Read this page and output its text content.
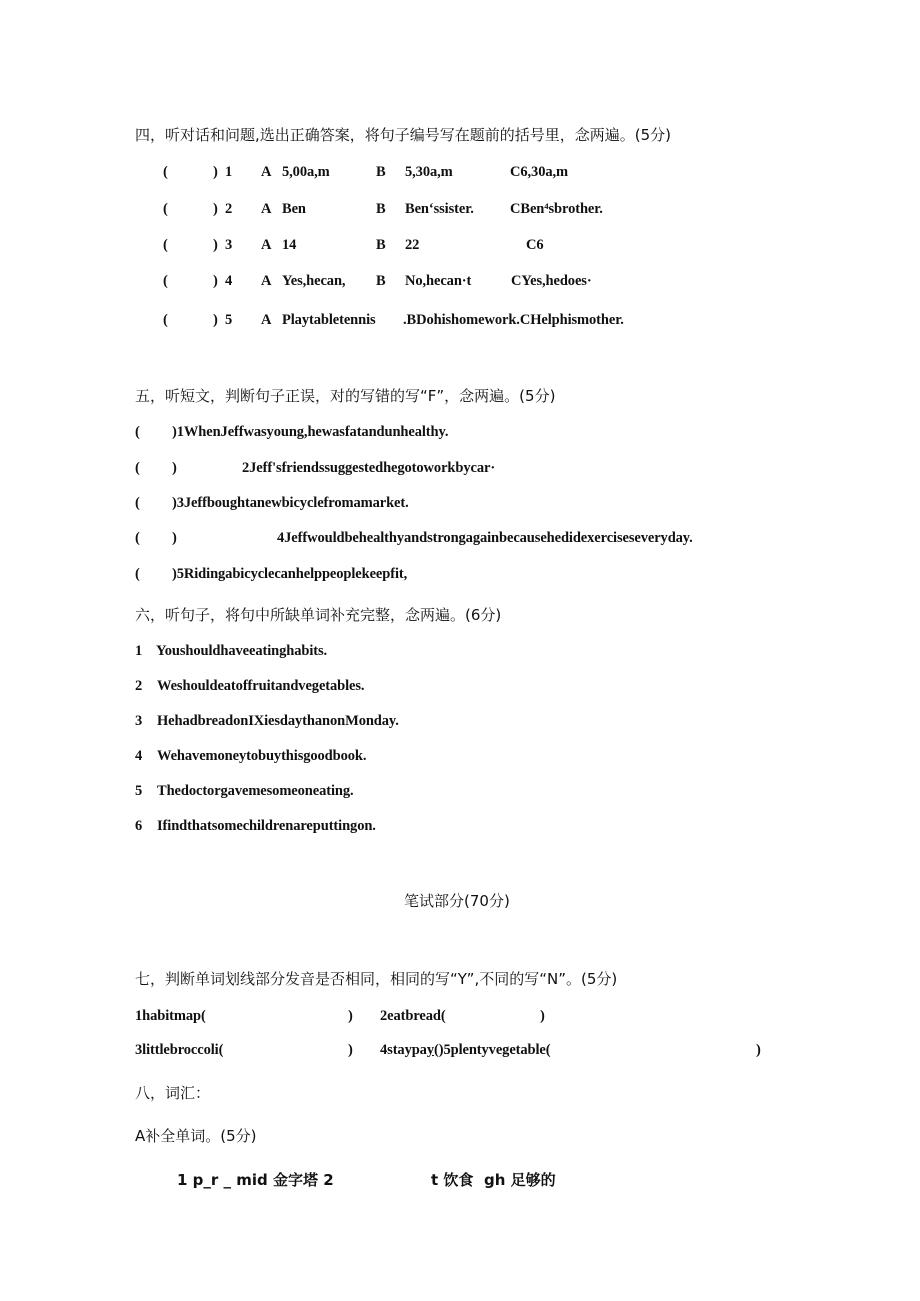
四，听对话和问题,选出正确答案，将句子编号写在题前的括号里，念两遍。(5分)
(	) 1 A 5,00a,m	B 5,30a,m	C6,30a,m
(	) 2 A Ben	B Ben‘ssister. CBen⁴sbrother.
(	) 3 A 14	B 22	C6
(	) 4 A Yes,hecan, B No,hecan·t	CYes,hedoes·
(	) 5 A Playtabletennis .BDohishomework.CHelphismother.
五，听短文，判断句子正误，对的写错的写“F”，念两遍。(5分)
( )1WhenJeffwasyoung,hewasfatandunhealthy.
( )	2Jeff'sfriendssuggestedhegotoworkbycar·
( )3Jeffboughtanewbicyclefromamarket.
( )	4Jeffwouldbehealthyandstrongagainbecausehedidexerciseseveryday.
( )5Ridingabicyclecanhelppeoplekeepfit,
六，听句子，将句中所缺单词补充完整，念两遍。(6分)
1 Youshouldhaveeatinghabits.
2 Weshouldeatoffruitandvegetables.
3 HehadbreadonIXiesdaythanonMonday.
4 Wehavemoneytobuythisgoodbook.
5 Thedoctorgavemesomeoneating.
6 Ifindthatsomechildrenareputtingon.
笔试部分(70分)
七，判断单词划线部分发音是否相同，相同的写“Y”,不同的写“N”。(5分)
1habitmap(	) 2eatbread(	)
3littlebroccoli(	) 4staypay()5plentyvegetable(	)
八，词汇：
A补全单词。(5分)
1 p_r _ mid 金字塔 2	t 饮食 gh 足够的
